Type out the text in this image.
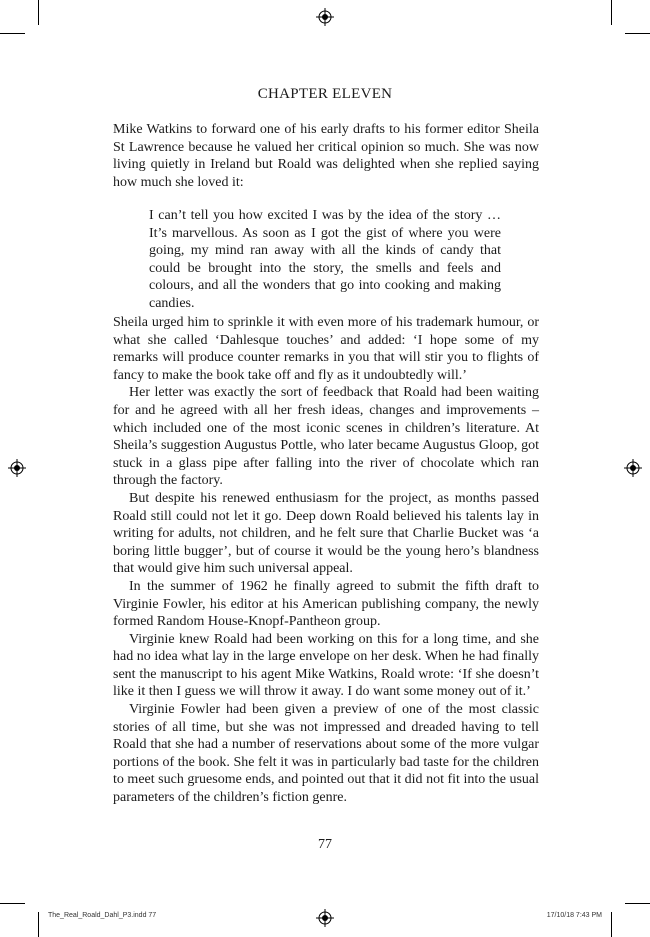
CHAPTER ELEVEN

Mike Watkins to forward one of his early drafts to his former editor Sheila St Lawrence because he valued her critical opinion so much. She was now living quietly in Ireland but Roald was delighted when she replied saying how much she loved it:

I can’t tell you how excited I was by the idea of the story … It’s marvellous. As soon as I got the gist of where you were going, my mind ran away with all the kinds of candy that could be brought into the story, the smells and feels and colours, and all the wonders that go into cooking and making candies.

Sheila urged him to sprinkle it with even more of his trademark humour, or what she called ‘Dahlesque touches’ and added: ‘I hope some of my remarks will produce counter remarks in you that will stir you to flights of fancy to make the book take off and fly as it undoubtedly will.’

Her letter was exactly the sort of feedback that Roald had been waiting for and he agreed with all her fresh ideas, changes and improvements – which included one of the most iconic scenes in children’s literature. At Sheila’s suggestion Augustus Pottle, who later became Augustus Gloop, got stuck in a glass pipe after falling into the river of chocolate which ran through the factory.

But despite his renewed enthusiasm for the project, as months passed Roald still could not let it go. Deep down Roald believed his talents lay in writing for adults, not children, and he felt sure that Charlie Bucket was ‘a boring little bugger’, but of course it would be the young hero’s blandness that would give him such universal appeal.

In the summer of 1962 he finally agreed to submit the fifth draft to Virginie Fowler, his editor at his American publishing company, the newly formed Random House-Knopf-Pantheon group.

Virginie knew Roald had been working on this for a long time, and she had no idea what lay in the large envelope on her desk. When he had finally sent the manuscript to his agent Mike Watkins, Roald wrote: ‘If she doesn’t like it then I guess we will throw it away. I do want some money out of it.’

Virginie Fowler had been given a preview of one of the most classic stories of all time, but she was not impressed and dreaded having to tell Roald that she had a number of reservations about some of the more vulgar portions of the book. She felt it was in particularly bad taste for the children to meet such gruesome ends, and pointed out that it did not fit into the usual parameters of the children’s fiction genre.

77
The_Real_Roald_Dahl_P3.indd 77	17/10/18 7:43 PM
